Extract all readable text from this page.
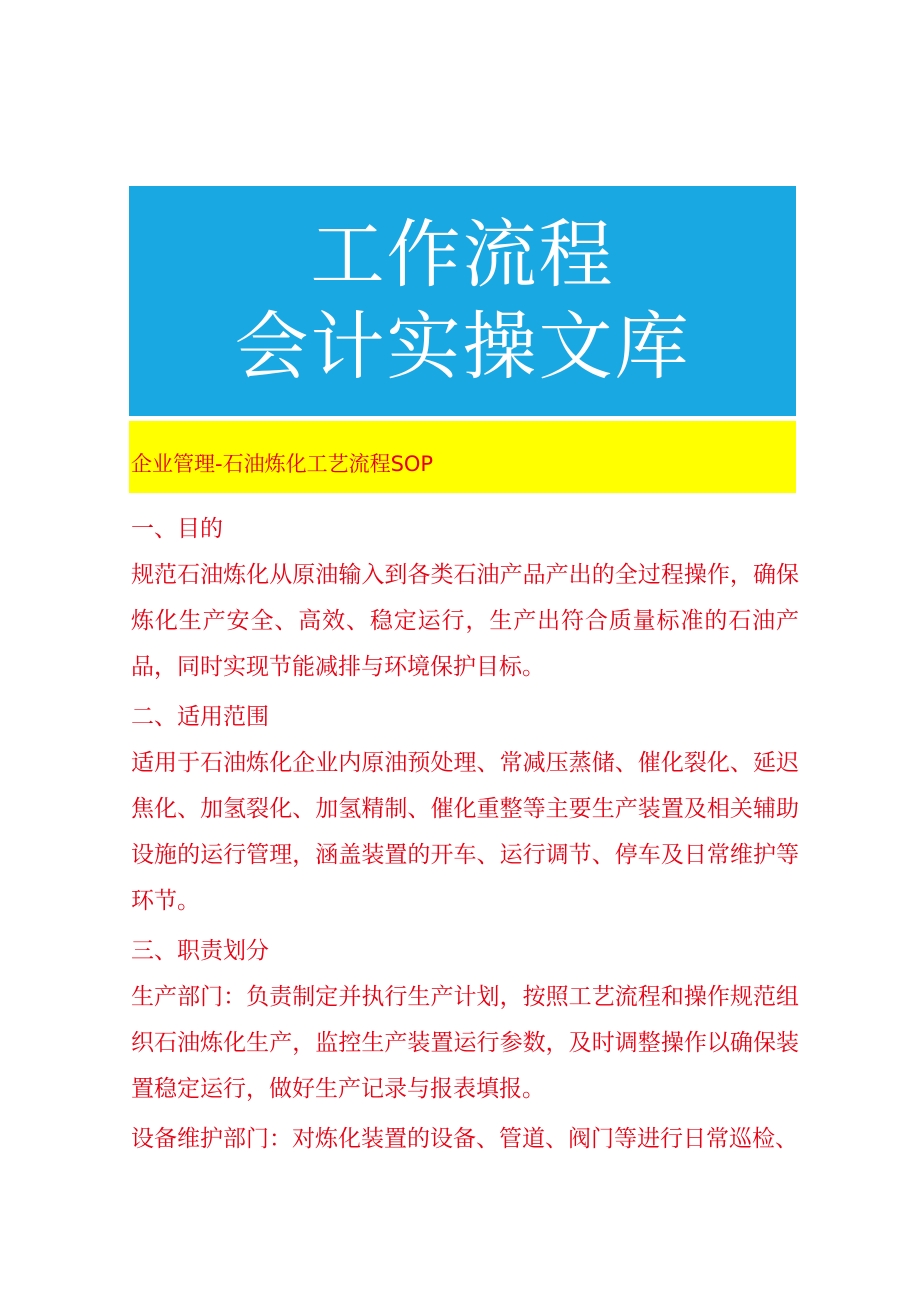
工作流程
会计实操文库
企业管理-石油炼化工艺流程SOP

一、目的

规范石油炼化从原油输入到各类石油产品产出的全过程操作，确保炼化生产安全、高效、稳定运行，生产出符合质量标准的石油产品，同时实现节能减排与环境保护目标。

二、适用范围

适用于石油炼化企业内原油预处理、常减压蒸储、催化裂化、延迟焦化、加氢裂化、加氢精制、催化重整等主要生产装置及相关辅助设施的运行管理，涵盖装置的开车、运行调节、停车及日常维护等环节。

三、职责划分

生产部门：负责制定并执行生产计划，按照工艺流程和操作规范组织石油炼化生产，监控生产装置运行参数，及时调整操作以确保装置稳定运行，做好生产记录与报表填报。

设备维护部门：对炼化装置的设备、管道、阀门等进行日常巡检、
